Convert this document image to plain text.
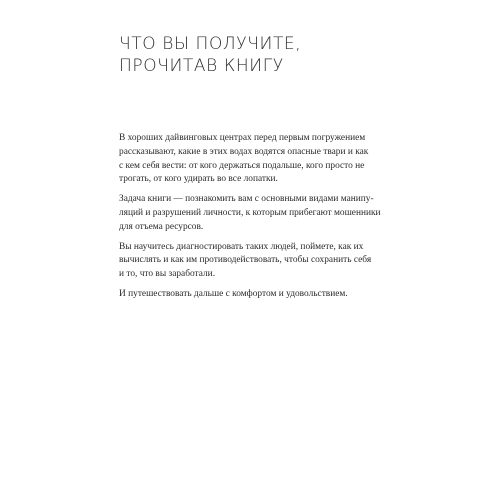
ЧТО ВЫ ПОЛУЧИТЕ,
ПРОЧИТАВ КНИГУ

В хороших дайвинговых центрах перед первым погружением
рассказывают, какие в этих водах водятся опасные твари и как
с кем себя вести: от кого держаться подальше, кого просто не
трогать, от кого удирать во все лопатки.

Задача книги — познакомить вам с основными видами манипу-
ляций и разрушений личности, к которым прибегают мошенники
для отъема ресурсов.

Вы научитесь диагностировать таких людей, поймете, как их
вычислять и как им противодействовать, чтобы сохранить себя
и то, что вы заработали.

И путешествовать дальше с комфортом и удовольствием.
